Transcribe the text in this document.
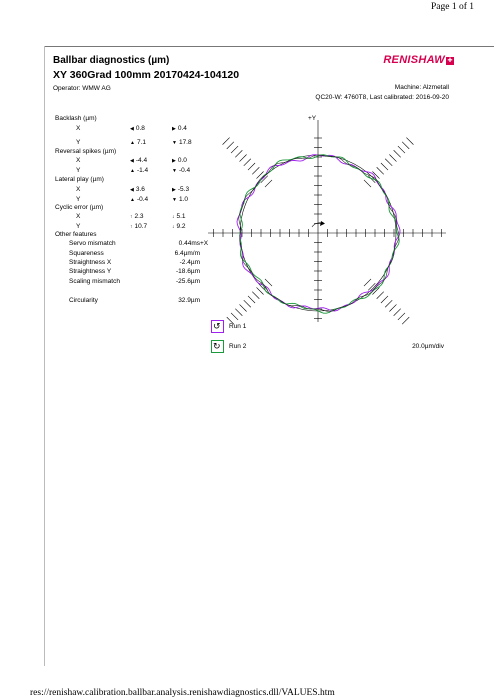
Page 1 of 1
Ballbar diagnostics (µm)
XY 360Grad 100mm 20170424-104120
Operator: WMW AG
RENISHAW ✚
Machine: Alzmetall
QC20-W: 4760T8, Last calibrated: 2016-09-20
Backlash (µm)
X	◀ 0.8	▶ 0.4
Y	▲ 7.1	▼ 17.8
Reversal spikes (µm)
X	◀ -4.4	▶ 0.0
Y	▲ -1.4	▼ -0.4
Lateral play (µm)
X	◀ 3.6	▶ -5.3
Y	▲ -0.4	▼ 1.0
Cyclic error (µm)
X	↑ 2.3	↓ 5.1
Y	↑ 10.7	↓ 9.2
Other features
Servo mismatch	0.44ms
Squareness	6.4µm/m
Straightness X	-2.4µm
Straightness Y	-18.6µm
Scaling mismatch	-25.6µm
Circularity	32.9µm
+Y
+X
↺ Run 1
↻ Run 2	20.0µm/div
res://renishaw.calibration.ballbar.analysis.renishawdiagnostics.dll/VALUES.htm
